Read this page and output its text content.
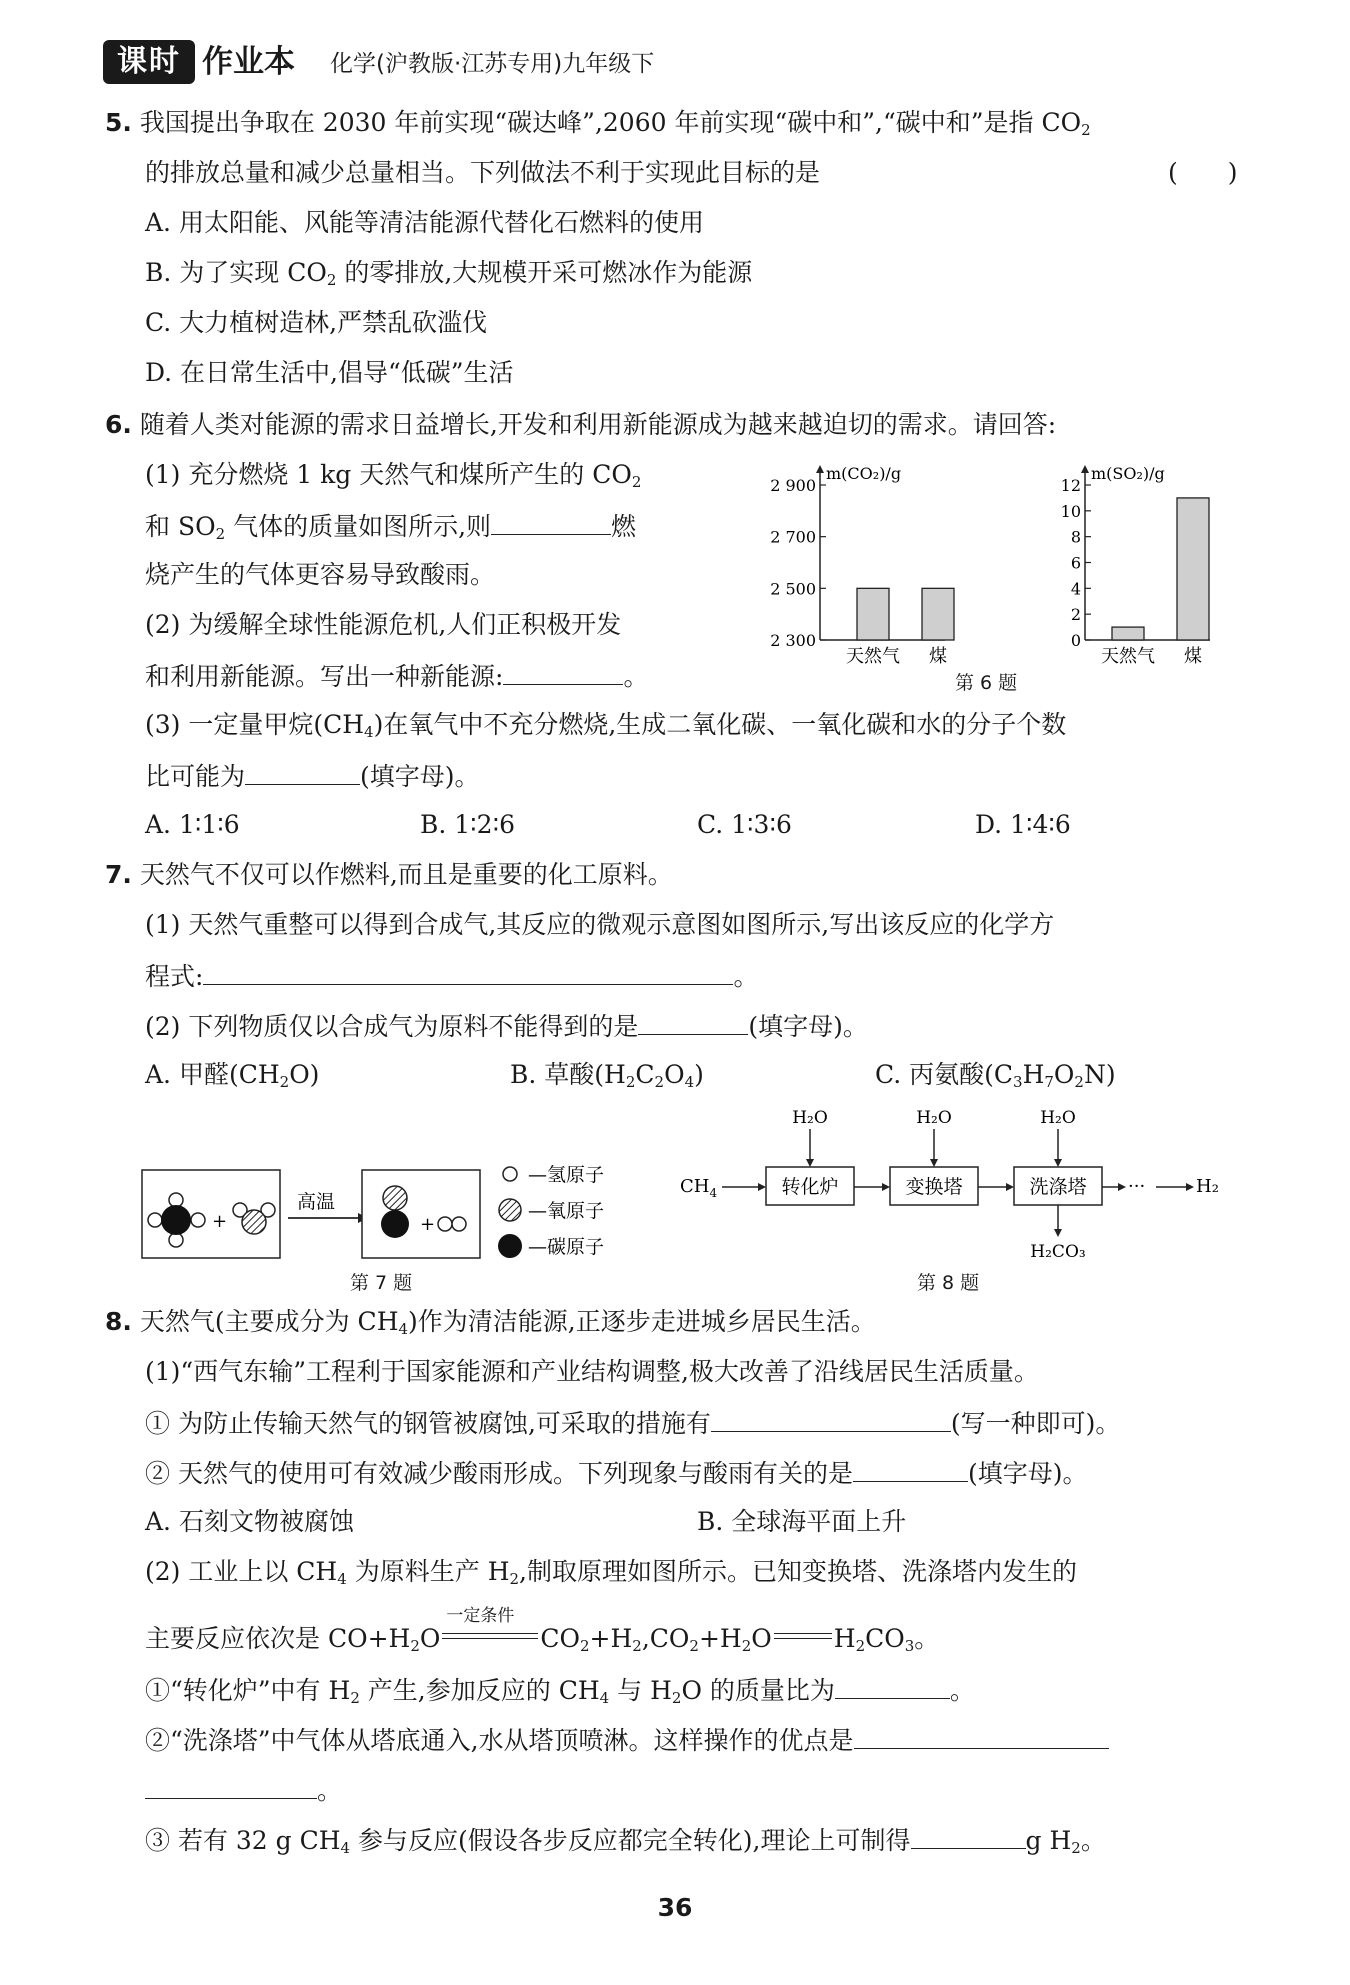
课时 作业本 化学(沪教版·江苏专用)九年级下
5. 我国提出争取在 2030 年前实现“碳达峰”,2060 年前实现“碳中和”,“碳中和”是指 $CO_2$
的排放总量和减少总量相当。下列做法不利于实现此目标的是	(　　)
A. 用太阳能、风能等清洁能源代替化石燃料的使用
B. 为了实现 $CO_2$ 的零排放,大规模开采可燃冰作为能源
C. 大力植树造林,严禁乱砍滥伐
D. 在日常生活中,倡导“低碳”生活
6. 随着人类对能源的需求日益增长,开发和利用新能源成为越来越迫切的需求。请回答:
(1) 充分燃烧 1 kg 天然气和煤所产生的 $CO_2$
和 $SO_2$ 气体的质量如图所示,则	燃
烧产生的气体更容易导致酸雨。
(2) 为缓解全球性能源危机,人们正积极开发
和利用新能源。写出一种新能源:	。
m(CO₂)/g
2 300
2 500
2 700
2 900
天然气 煤
m(SO₂)/g
0
2
4
6
8
10
12
天然气 煤
第 6 题
(3) 一定量甲烷$(CH_4)$在氧气中不充分燃烧,生成二氧化碳、一氧化碳和水的分子个数
比可能为	(填字母)。
A. 1∶1∶6	B. 1∶2∶6	C. 1∶3∶6	D. 1∶4∶6
7. 天然气不仅可以作燃料,而且是重要的化工原料。
(1) 天然气重整可以得到合成气,其反应的微观示意图如图所示,写出该反应的化学方
程式:	。
(2) 下列物质仅以合成气为原料不能得到的是	(填字母)。
A. 甲醛$(CH_2O)$	B. 草酸$(H_2C_2O_4)$	C. 丙氨酸$(C_3H_7O_2N)$
+
高温
+
—氢原子
—氧原子
—碳原子
第 7 题
$CH_4$	转化炉	变换塔	洗涤塔 ···	H₂
H₂O	H₂O	H₂O
H₂CO₃
第 8 题
8. 天然气(主要成分为 $CH_4$)作为清洁能源,正逐步走进城乡居民生活。
(1)“西气东输”工程利于国家能源和产业结构调整,极大改善了沿线居民生活质量。
① 为防止传输天然气的钢管被腐蚀,可采取的措施有	(写一种即可)。
② 天然气的使用可有效减少酸雨形成。下列现象与酸雨有关的是	(填字母)。
A. 石刻文物被腐蚀	B. 全球海平面上升
(2) 工业上以 $CH_4$ 为原料生产 $H_2$,制取原理如图所示。已知变换塔、洗涤塔内发生的
主要反应依次是 $CO+H_2O$
一定条件
$CO_2+H_2,CO_2+H_2O$ $H_2CO_3$。
①“转化炉”中有 $H_2$ 产生,参加反应的 $CH_4$ 与 $H_2O$ 的质量比为	。
②“洗涤塔”中气体从塔底通入,水从塔顶喷淋。这样操作的优点是
。
③ 若有 32 g $CH_4$ 参与反应(假设各步反应都完全转化),理论上可制得	g $H_2$。
36
